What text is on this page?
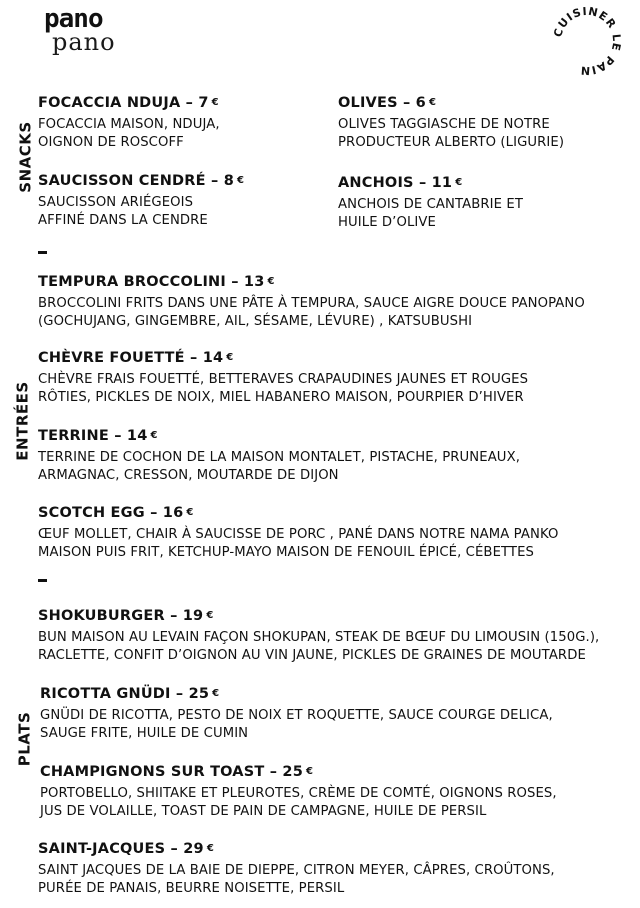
pano
pano	CUISINER LE PAIN
SNACKS
ENTRÉES
PLATS
FOCACCIA NDUJA – 7 €
FOCACCIA MAISON, NDUJA,
OIGNON DE ROSCOFF
SAUCISSON CENDRÉ – 8 €
SAUCISSON ARIÉGEOIS
AFFINÉ DANS LA CENDRE
OLIVES – 6 €
OLIVES TAGGIASCHE DE NOTRE
PRODUCTEUR ALBERTO (LIGURIE)
ANCHOIS – 11 €
ANCHOIS DE CANTABRIE ET
HUILE D’OLIVE
TEMPURA BROCCOLINI – 13 €
BROCCOLINI FRITS DANS UNE PÂTE À TEMPURA, SAUCE AIGRE DOUCE PANOPANO
(GOCHUJANG, GINGEMBRE, AIL, SÉSAME, LÉVURE) , KATSUBUSHI
CHÈVRE FOUETTÉ – 14 €
CHÈVRE FRAIS FOUETTÉ, BETTERAVES CRAPAUDINES JAUNES ET ROUGES
RÔTIES, PICKLES DE NOIX, MIEL HABANERO MAISON, POURPIER D’HIVER
TERRINE – 14 €
TERRINE DE COCHON DE LA MAISON MONTALET, PISTACHE, PRUNEAUX,
ARMAGNAC, CRESSON, MOUTARDE DE DIJON
SCOTCH EGG – 16 €
ŒUF MOLLET, CHAIR À SAUCISSE DE PORC , PANÉ DANS NOTRE NAMA PANKO
MAISON PUIS FRIT, KETCHUP-MAYO MAISON DE FENOUIL ÉPICÉ, CÉBETTES
SHOKUBURGER – 19 €
BUN MAISON AU LEVAIN FAÇON SHOKUPAN, STEAK DE BŒUF DU LIMOUSIN (150G.),
RACLETTE, CONFIT D’OIGNON AU VIN JAUNE, PICKLES DE GRAINES DE MOUTARDE
RICOTTA GNÜDI – 25 €
GNÜDI DE RICOTTA, PESTO DE NOIX ET ROQUETTE, SAUCE COURGE DELICA,
SAUGE FRITE, HUILE DE CUMIN
CHAMPIGNONS SUR TOAST – 25 €
PORTOBELLO, SHIITAKE ET PLEUROTES, CRÈME DE COMTÉ, OIGNONS ROSES,
JUS DE VOLAILLE, TOAST DE PAIN DE CAMPAGNE, HUILE DE PERSIL
SAINT-JACQUES – 29 €
SAINT JACQUES DE LA BAIE DE DIEPPE, CITRON MEYER, CÂPRES, CROÛTONS,
PURÉE DE PANAIS, BEURRE NOISETTE, PERSIL
